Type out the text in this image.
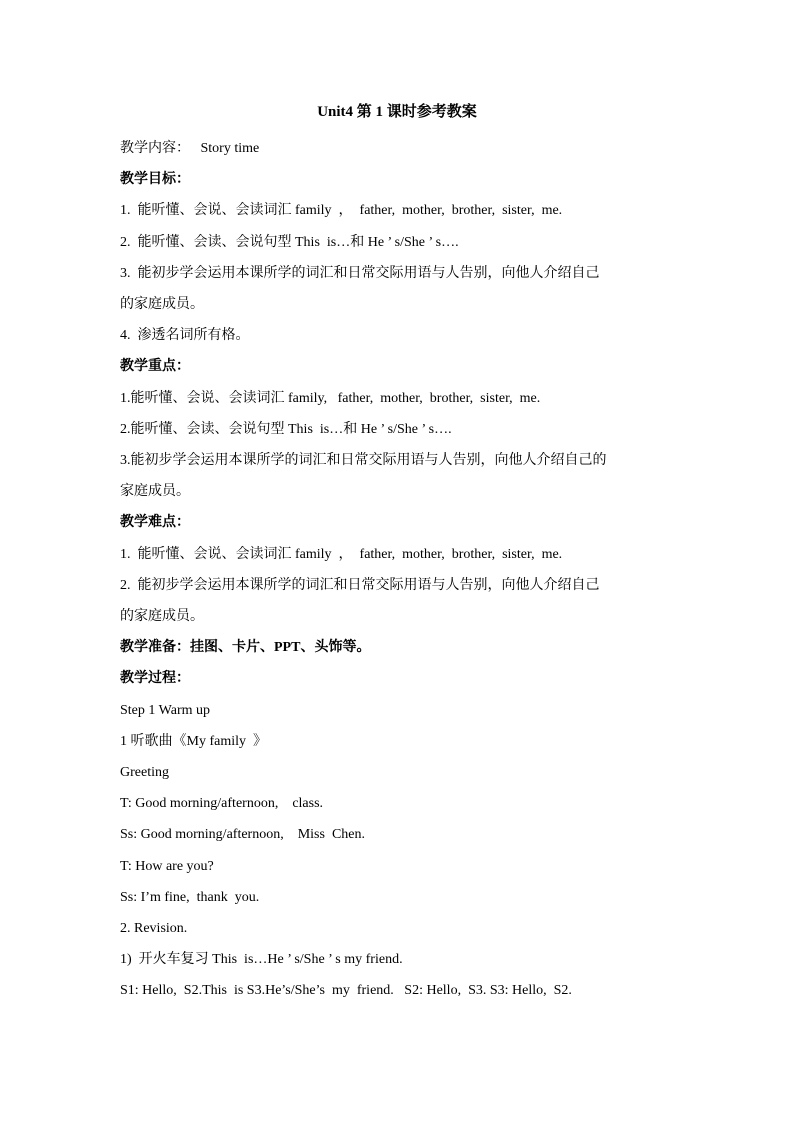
Unit4 第 1 课时参考教案
教学内容：   Story time
教学目标：
1.  能听懂、会说、会读词汇 family  ，  father,  mother,  brother,  sister,  me.
2.  能听懂、会读、会说句型 This  is…和 He ’ s/She ’ s….
3.  能初步学会运用本课所学的词汇和日常交际用语与人告别，向他人介绍自己
的家庭成员。
4.  渗透名词所有格。
教学重点：
1.能听懂、会说、会读词汇 family,   father,  mother,  brother,  sister,  me.
2.能听懂、会读、会说句型 This  is…和 He ’ s/She ’ s….
3.能初步学会运用本课所学的词汇和日常交际用语与人告别，向他人介绍自己的
家庭成员。
教学难点：
1.  能听懂、会说、会读词汇 family  ，  father,  mother,  brother,  sister,  me.
2.  能初步学会运用本课所学的词汇和日常交际用语与人告别，向他人介绍自己
的家庭成员。
教学准备：挂图、卡片、PPT、头饰等。
教学过程：
Step 1 Warm up
1 听歌曲《My family  》
Greeting
T: Good morning/afternoon,    class.
Ss: Good morning/afternoon,    Miss  Chen.
T: How are you?
Ss: I’m fine,  thank  you.
2. Revision.
1)  开火车复习 This  is…He ’ s/She ’ s my friend.
S1: Hello,  S2.This  is S3.He’s/She’s  my  friend.   S2: Hello,  S3. S3: Hello,  S2.
